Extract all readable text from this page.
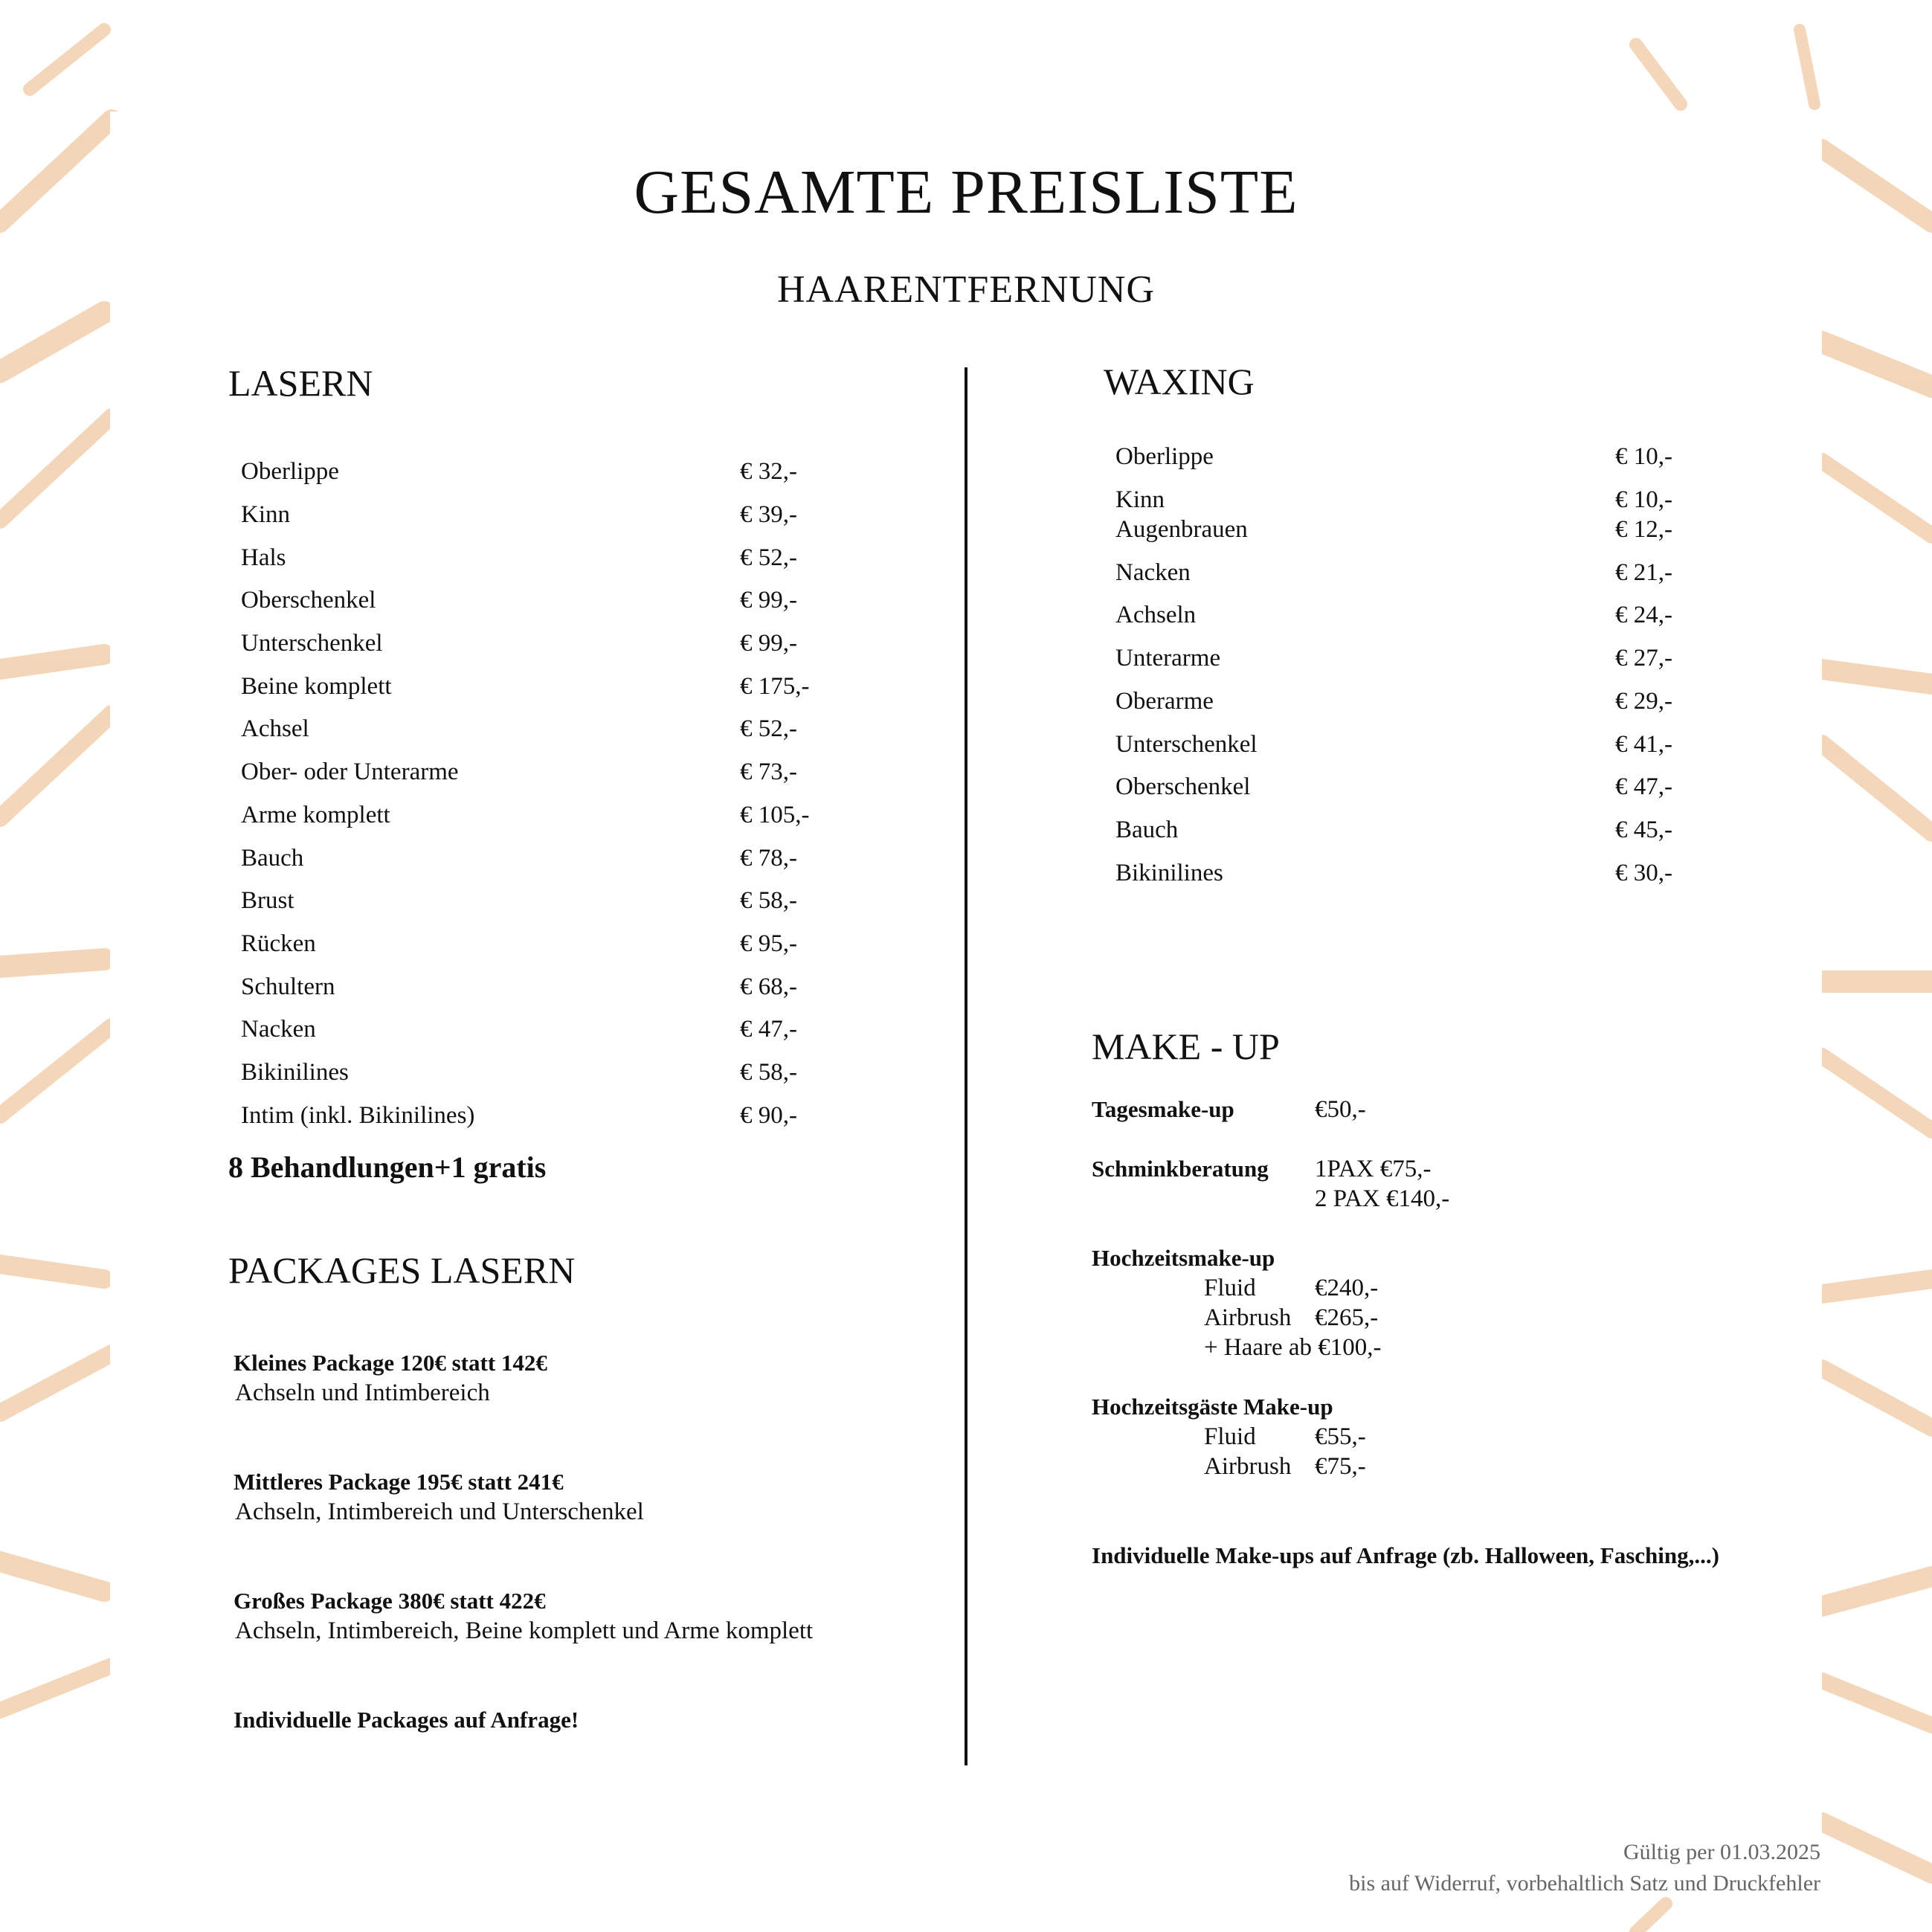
GESAMTE PREISLISTE
HAARENTFERNUNG
LASERN
Oberlippe	€ 32,-
Kinn	€ 39,-
Hals	€ 52,-
Oberschenkel	€ 99,-
Unterschenkel	€ 99,-
Beine komplett	€ 175,-
Achsel	€ 52,-
Ober- oder Unterarme	€ 73,-
Arme komplett	€ 105,-
Bauch	€ 78,-
Brust	€ 58,-
Rücken	€ 95,-
Schultern	€ 68,-
Nacken	€ 47,-
Bikinilines	€ 58,-
Intim (inkl. Bikinilines)	€ 90,-
8 Behandlungen+1 gratis
PACKAGES LASERN
Kleines Package 120€ statt 142€
Achseln und Intimbereich
Mittleres Package 195€ statt 241€
Achseln, Intimbereich und Unterschenkel
Großes Package 380€ statt 422€
Achseln, Intimbereich, Beine komplett und Arme komplett
Individuelle Packages auf Anfrage!
WAXING
Oberlippe	€ 10,-
Kinn	€ 10,-
Augenbrauen	€ 12,-
Nacken	€ 21,-
Achseln	€ 24,-
Unterarme	€ 27,-
Oberarme	€ 29,-
Unterschenkel	€ 41,-
Oberschenkel	€ 47,-
Bauch	€ 45,-
Bikinilines	€ 30,-
MAKE - UP
Tagesmake-up	€50,-
Schminkberatung 1PAX €75,-
2 PAX €140,-
Hochzeitsmake-up
Fluid €240,-
Airbrush €265,-
+ Haare ab €100,-
Hochzeitsgäste Make-up
Fluid €55,-
Airbrush €75,-
Individuelle Make-ups auf Anfrage (zb. Halloween, Fasching,...)
Gültig per 01.03.2025
bis auf Widerruf, vorbehaltlich Satz und Druckfehler
